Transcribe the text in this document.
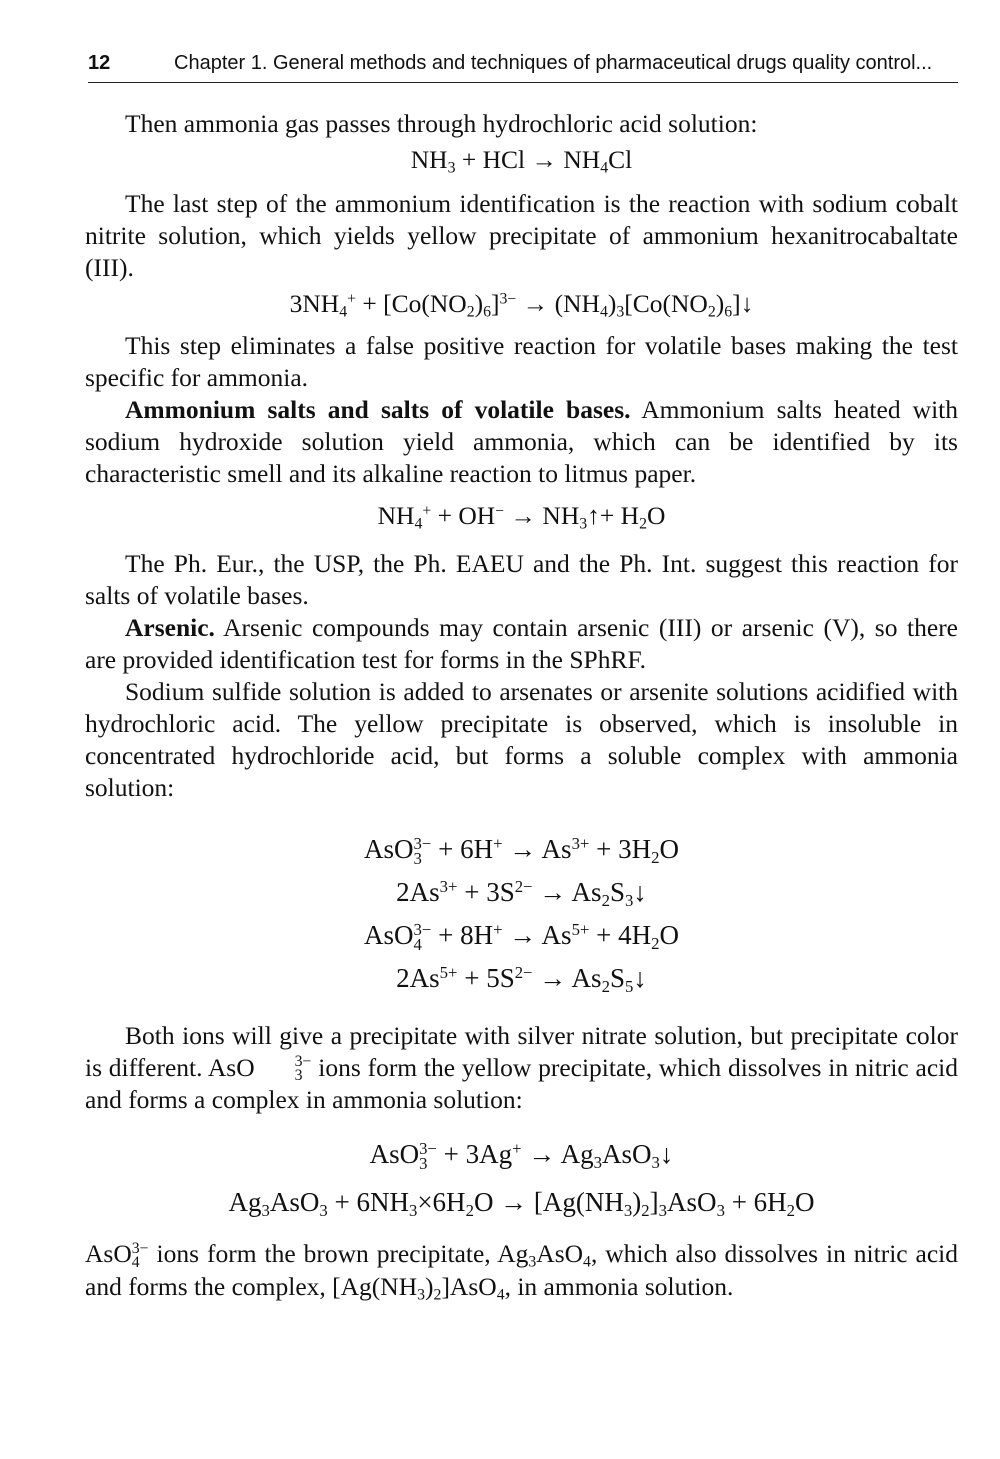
12	Chapter 1. General methods and techniques of pharmaceutical drugs quality control...

Then ammonia gas passes through hydrochloric acid solution:

$NH_3$ + HCl → $NH_4Cl$

The last step of the ammonium identification is the reaction with sodium cobalt nitrite solution, which yields yellow precipitate of ammonium hexanitrocabaltate (III).

$3NH_4^+ + [Co(NO_2)_6]^{3-}$ → $(NH_4)_3[Co(NO_2)_6]↓$

This step eliminates a false positive reaction for volatile bases making the test specific for ammonia.

Ammonium salts and salts of volatile bases. Ammonium salts heated with sodium hydroxide solution yield ammonia, which can be identified by its characteristic smell and its alkaline reaction to litmus paper.

$NH_4^+ + OH^-$ → $NH_3↑+ H_2O$

The Ph. Eur., the USP, the Ph. EAEU and the Ph. Int. suggest this reaction for salts of volatile bases.

Arsenic. Arsenic compounds may contain arsenic (III) or arsenic (V), so there are provided identification test for forms in the SPhRF.

Sodium sulfide solution is added to arsenates or arsenite solutions acidified with hydrochloric acid. The yellow precipitate is observed, which is insoluble in concentrated hydrochloride acid, but forms a soluble complex with ammonia solution:

AsO 3−
$3 + 6H^+ \to As^{3+} + 3H_2O$
$2As^{3+} + 3S^{2-}$ → $As_2S_3↓$
AsO 3−
$4 + 8H^+ \to As^{5+} + 4H_2O$
$2As^{5+} + 5S^{2-}$ → $As_2S_5↓$

Both ions will give a precipitate with silver nitrate solution, but precipitate color is different. AsO	3−
3 ions form the yellow precipitate, which dissolves in nitric acid and forms a complex in ammonia solution:

AsO 3−
$3 + 3Ag^+ \to Ag_3AsO_3↓$
$Ag_3AsO_3 + 6NH_3\times 6H_2O \to [Ag(NH_3)_2]_3AsO_3 + 6H_2O$

AsO 3−
4 ions form the brown precipitate, $Ag_3AsO_4$, which also dissolves in nitric acid and forms the complex, $[Ag(NH_3)_2]AsO_4$, in ammonia solution.
